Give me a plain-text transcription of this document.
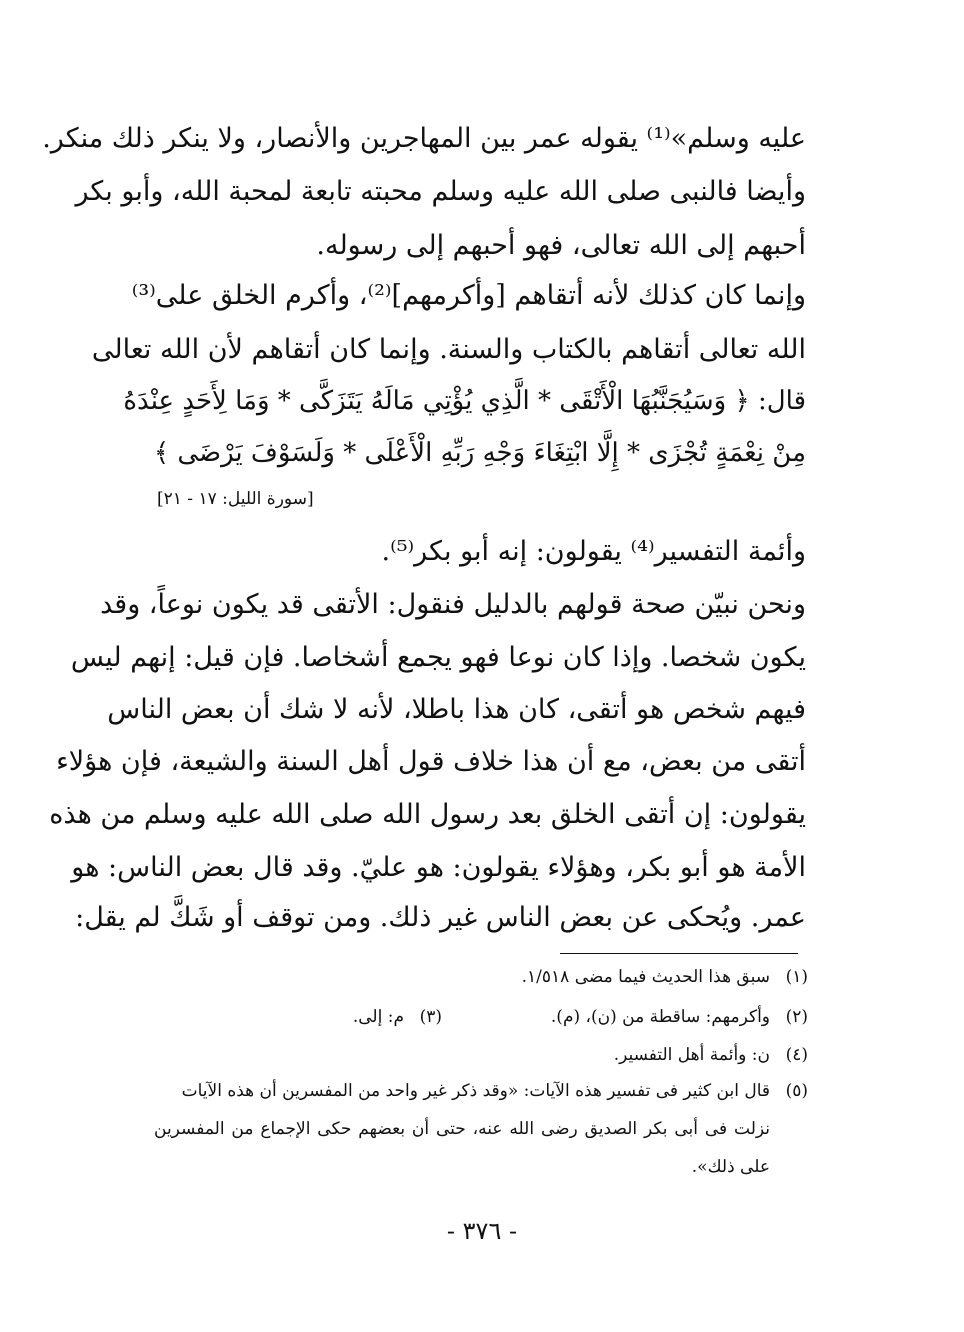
عليه وسلم»⁽¹⁾ يقوله عمر بين المهاجرين والأنصار، ولا ينكر ذلك منكر.
وأيضا فالنبى صلى الله عليه وسلم محبته تابعة لمحبة الله، وأبو بكر
أحبهم إلى الله تعالى، فهو أحبهم إلى رسوله.
وإنما كان كذلك لأنه أتقاهم [وأكرمهم]⁽²⁾، وأكرم الخلق على⁽³⁾
الله تعالى أتقاهم بالكتاب والسنة. وإنما كان أتقاهم لأن الله تعالى
قال: ﴿ وَسَيُجَنَّبُهَا الْأَتْقَى * الَّذِي يُؤْتِي مَالَهُ يَتَزَكَّى * وَمَا لِأَحَدٍ عِنْدَهُ
مِنْ نِعْمَةٍ تُجْزَى * إِلَّا ابْتِغَاءَ وَجْهِ رَبِّهِ الْأَعْلَى * وَلَسَوْفَ يَرْضَى ﴾
[سورة الليل: ١٧ - ٢١]
وأئمة التفسير⁽⁴⁾ يقولون: إنه أبو بكر⁽⁵⁾.
ونحن نبيّن صحة قولهم بالدليل فنقول: الأتقى قد يكون نوعاً، وقد
يكون شخصا. وإذا كان نوعا فهو يجمع أشخاصا. فإن قيل: إنهم ليس
فيهم شخص هو أتقى، كان هذا باطلا، لأنه لا شك أن بعض الناس
أتقى من بعض، مع أن هذا خلاف قول أهل السنة والشيعة، فإن هؤلاء
يقولون: إن أتقى الخلق بعد رسول الله صلى الله عليه وسلم من هذه
الأمة هو أبو بكر، وهؤلاء يقولون: هو عليّ. وقد قال بعض الناس: هو
عمر. ويُحكى عن بعض الناس غير ذلك. ومن توقف أو شَكَّ لم يقل:
(١)سبق هذا الحديث فيما مضى ١/٥١٨.
(٢)وأكرمهم: ساقطة من (ن)، (م).
(٣)م: إلى.
(٤)ن: وأئمة أهل التفسير.
(٥)قال ابن كثير فى تفسير هذه الآيات: «وقد ذكر غير واحد من المفسرين أن هذه الآيات
نزلت فى أبى بكر الصديق رضى الله عنه، حتى أن بعضهم حكى الإجماع من المفسرين
على ذلك».
- ٣٧٦ -
